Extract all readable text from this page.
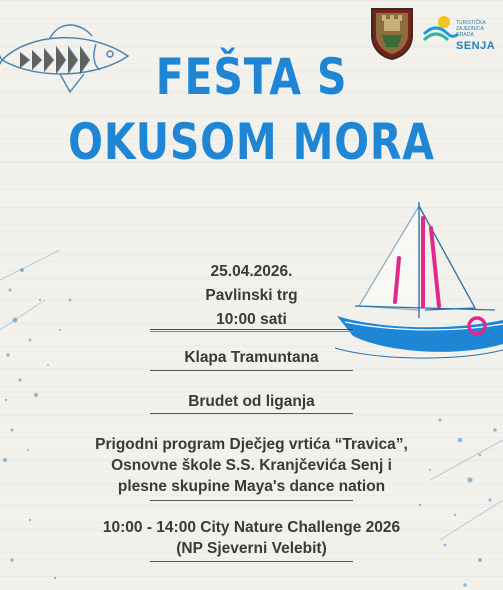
TURISTIČKA
ZAJEDNICA
GRADA
SENJA
FEŠTA S
OKUSOM MORA
25.04.2026.
Pavlinski trg
10:00 sati
Klapa Tramuntana
Brudet od liganja
Prigodni program Dječjeg vrtića “Travica”,
Osnovne škole S.S. Kranjčevića Senj i
plesne skupine Maya's dance nation
10:00 - 14:00 City Nature Challenge 2026
(NP Sjeverni Velebit)
